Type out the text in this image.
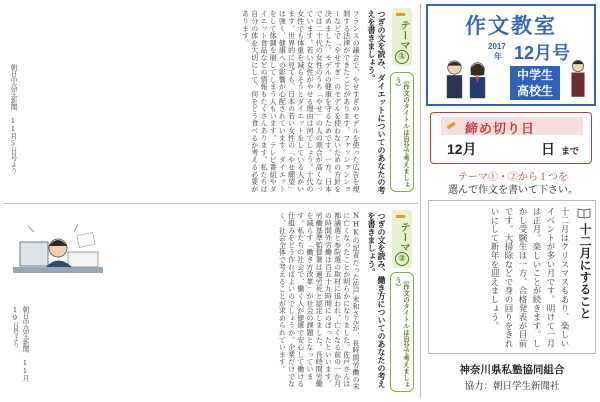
テーマ
①
（作文のタイトルは自分で考えましょう）
つぎの文を読み、ダイエットについてのあなたの考えを書きましょう。
フランスの議会で、やせすぎのモデルを使った広告を規制する法律ができたことがあります。ファッションショーなどで「やせすぎ」のモデルを使わないための方針を決めました。モデルの健康を守るためです。一方、日本では二十代の女性のうち「やせ」の人の割合が高くなっています。若い女性がやせる理由は何でしょう。十代の女性でも体重を減らそうとダイエットをしている人がいます。世界的に見ても、日本の若い女性の「やせ願望」は強く、健康への影響が心配されています。ダイエットをして体調を崩してしまう人もいます。テレビ番組やダイエット食品などの情報もたくさんあります。私たちは自分の体を大切にして、何をどう食べるか考える必要があります。
朝日中高生新聞　11月5日号より
テーマ
②
（作文のタイトルは自分で考えましょう）
つぎの文を読み、働き方についてのあなたの考えを書きましょう。
NHKの記者だった佐戸未和さんが、長時間労働の末に亡くなったことが明らかになりました。佐戸さんは都議選と参院選の取材に追われ、亡くなる前の一か月の時間外労働は百五十九時間にのぼったといいます。労働基準監督署は過労死と認定しました。長時間労働を減らす「働き方改革」が社会の課題となっています。私たちの社会で、働く人が健康で安心して働ける仕組みをどう作ればよいのでしょうか。企業だけでなく、社会全体で考えることが求められています。
朝日中高生新聞　11月19日号より
作文教室
2017
年 12月号
中学生
高校生
締め切り日
12月	日 まで
テーマ①・②から１つを
選んで作文を書いて下さい。
十二月にすること
十二月はクリスマスもあり、楽しいイベントが多い月です。明けて一月は正月。楽しいことが続きます。しかし受験生は一方、合格発表が目前です。大掃除などで身の回りをきれいにして新年を迎えましょう。
神奈川県私塾協同組合
協力：朝日学生新聞社
